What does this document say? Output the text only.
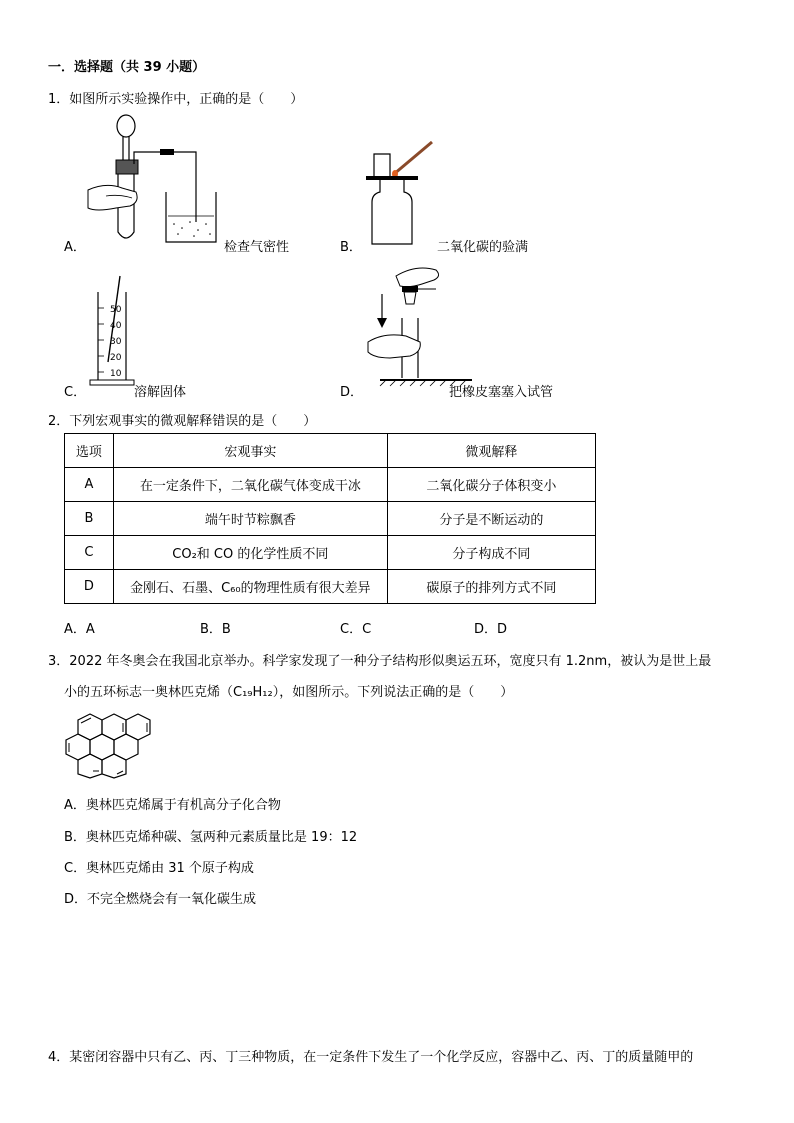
一．选择题（共 39 小题）
1．如图所示实验操作中，正确的是（　　）
A．	检查气密性	B．	二氧化碳的验满
50
40
30
20
10
C．	溶解固体	D．	把橡皮塞塞入试管
2．下列宏观事实的微观解释错误的是（　　）
选项	宏观事实	微观解释
A	在一定条件下，二氧化碳气体变成干冰	二氧化碳分子体积变小
B	端午时节粽飘香	分子是不断运动的
C	CO₂和 CO 的化学性质不同	分子构成不同
D	金刚石、石墨、C₆₀的物理性质有很大差异	碳原子的排列方式不同
A．A	B．B	C．C	D．D
3．2022 年冬奥会在我国北京举办。科学家发现了一种分子结构形似奥运五环，宽度只有 1.2nm，被认为是世上最
小的五环标志一奥林匹克烯（C₁₉H₁₂），如图所示。下列说法正确的是（　　）
A．奥林匹克烯属于有机高分子化合物
B．奥林匹克烯种碳、氢两种元素质量比是 19：12
C．奥林匹克烯由 31 个原子构成
D．不完全燃烧会有一氧化碳生成
4．某密闭容器中只有乙、丙、丁三种物质，在一定条件下发生了一个化学反应，容器中乙、丙、丁的质量随甲的
